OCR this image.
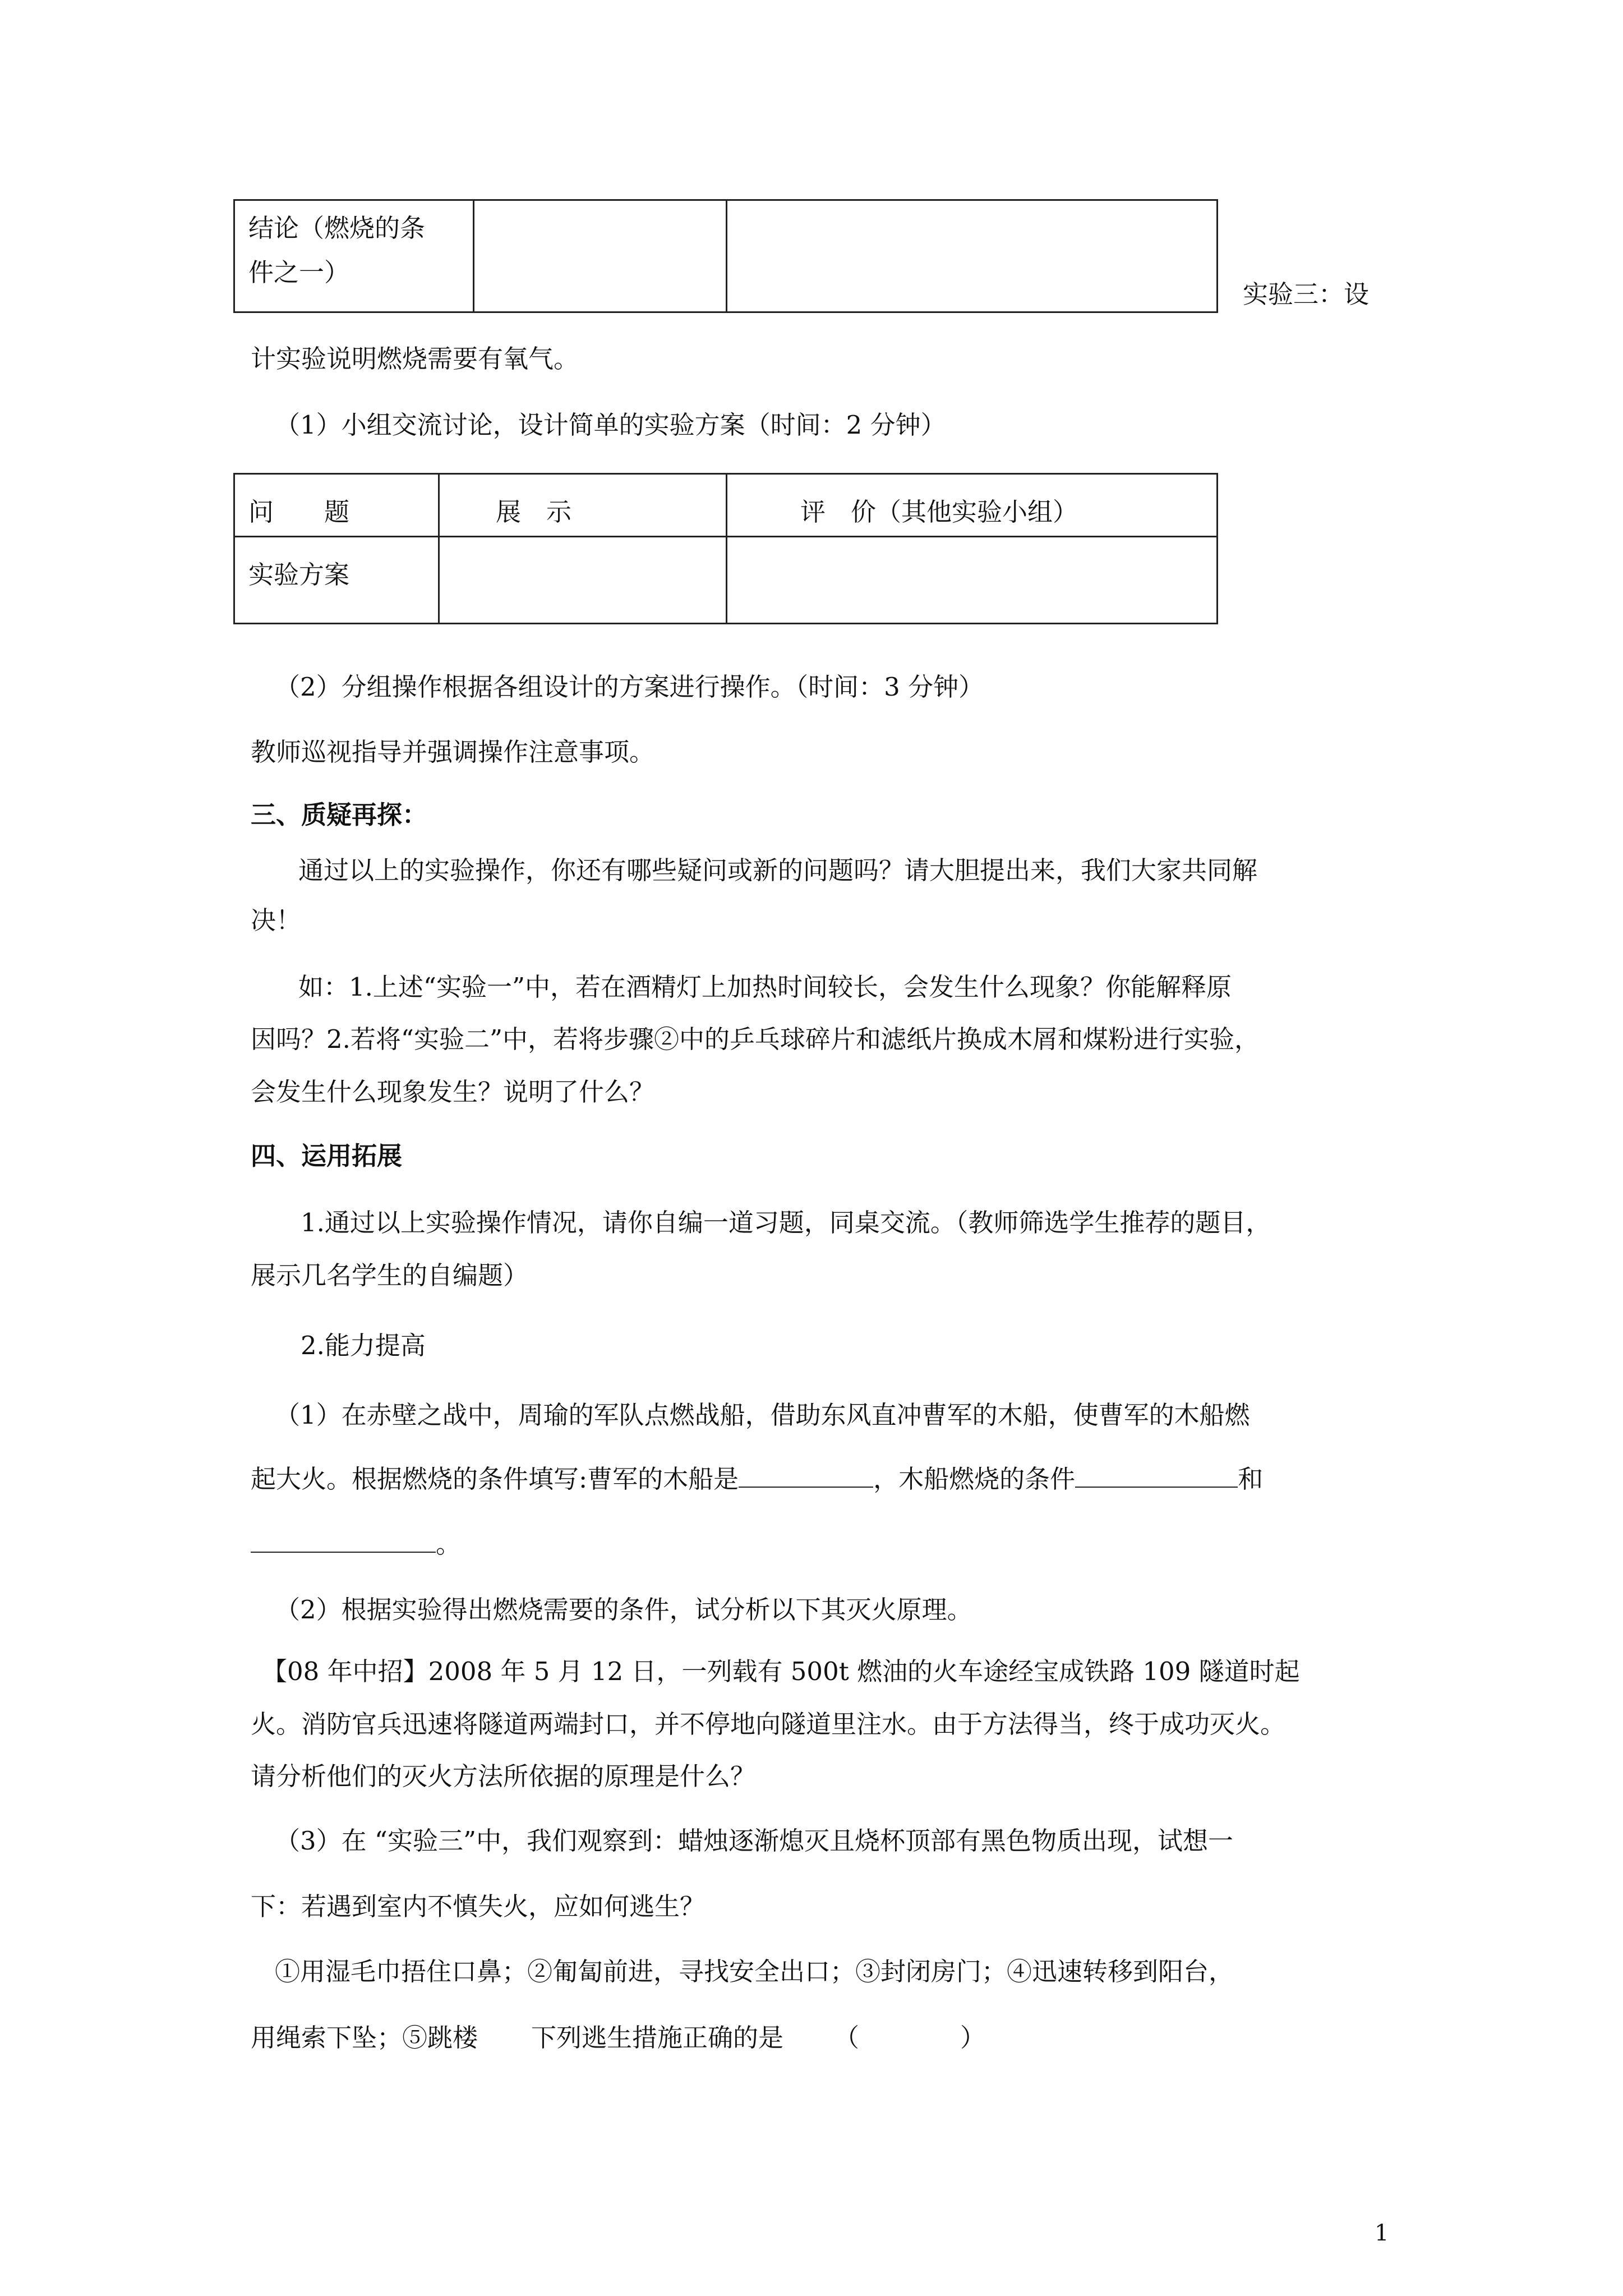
结论（燃烧的条
件之一）

实验三：设
计实验说明燃烧需要有氧气。
（1）小组交流讨论，设计简单的实验方案（时间：2 分钟）
问　　题	展　示	评　价（其他实验小组）

实验方案		

（2）分组操作根据各组设计的方案进行操作。（时间：3 分钟）
教师巡视指导并强调操作注意事项。
三、质疑再探：
通过以上的实验操作，你还有哪些疑问或新的问题吗？请大胆提出来，我们大家共同解
决！
如：1.上述“实验一”中，若在酒精灯上加热时间较长，会发生什么现象？你能解释原
因吗？2.若将“实验二”中，若将步骤②中的乒乓球碎片和滤纸片换成木屑和煤粉进行实验，
会发生什么现象发生？说明了什么？
四、运用拓展
1.通过以上实验操作情况，请你自编一道习题，同桌交流。（教师筛选学生推荐的题目，
展示几名学生的自编题）
2.能力提高
（1）在赤壁之战中，周瑜的军队点燃战船，借助东风直冲曹军的木船，使曹军的木船燃
起大火。根据燃烧的条件填写:曹军的木船是	，木船燃烧的条件	和
。
（2）根据实验得出燃烧需要的条件，试分析以下其灭火原理。
【08 年中招】2008 年 5 月 12 日，一列载有 500t 燃油的火车途经宝成铁路 109 隧道时起
火。消防官兵迅速将隧道两端封口，并不停地向隧道里注水。由于方法得当，终于成功灭火。
请分析他们的灭火方法所依据的原理是什么？
（3）在 “实验三”中，我们观察到：蜡烛逐渐熄灭且烧杯顶部有黑色物质出现，试想一
下：若遇到室内不慎失火，应如何逃生？
①用湿毛巾捂住口鼻；②匍匐前进，寻找安全出口；③封闭房门；④迅速转移到阳台，
用绳索下坠；⑤跳楼 下列逃生措施正确的是 （　　　　）
1
